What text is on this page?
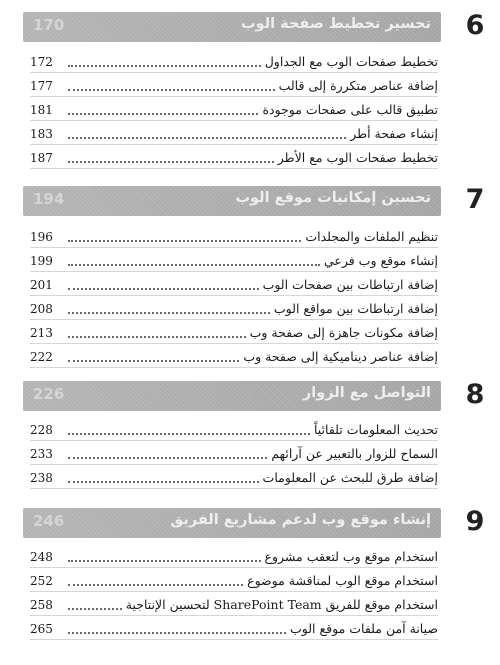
6
تحسير تخطيط صفحة الوب
170
172	تخطيط صفحات الوب مع الجداول
177	إضافة عناصر متكررة إلى قالب
181	تطبيق قالب على صفحات موجودة
183	إنشاء صفحة أطر
187	تخطيط صفحات الوب مع الأطر
7
تحسين إمكانيات موقع الوب
194
196	تنظيم الملفات والمجلدات
199	إنشاء موقع وب فرعي
201	إضافة ارتباطات بين صفحات الوب
208	إضافة ارتباطات بين مواقع الوب
213	إضافة مكونات جاهزة إلى صفحة وب
222	إضافة عناصر ديناميكية إلى صفحة وب
8
التواصل مع الزوار
226
228	تحديث المعلومات تلقائياً
233	السماح للزوار بالتعبير عن آرائهم
238	إضافة طرق للبحث عن المعلومات
9
إنشاء موقع وب لدعم مشاريع الفريق
246
248	استخدام موقع وب لتعقب مشروع
252	استخدام موقع الوب لمناقشة موضوع
258	استخدام موقع للفريق SharePoint Team لتحسين الإنتاجية
265	صيانة آمن ملفات موقع الوب
